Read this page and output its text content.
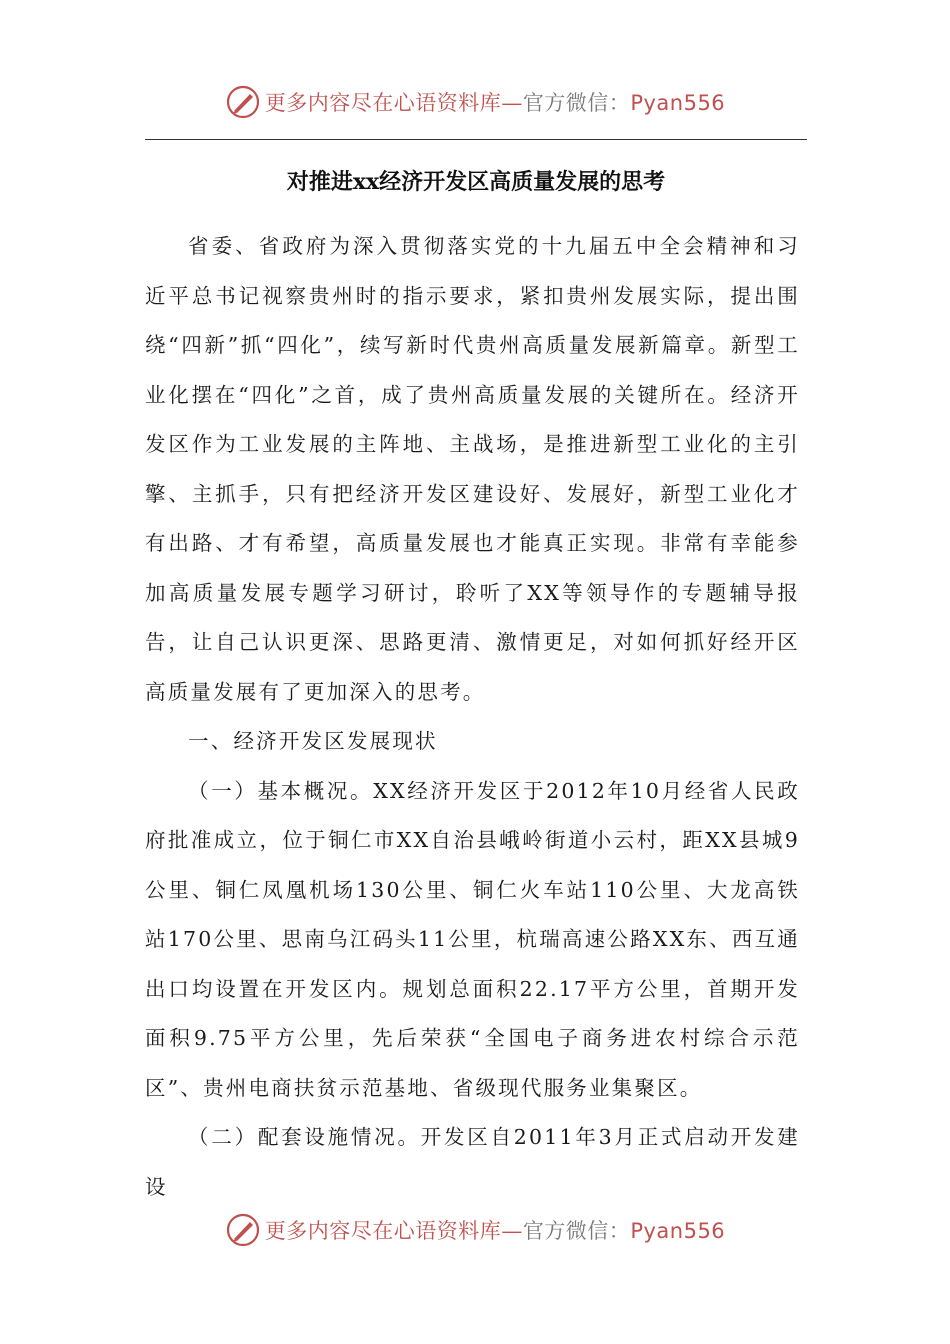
更多内容尽在心语资料库—官方微信：Pyan556
对推进xx经济开发区高质量发展的思考

省委、省政府为深入贯彻落实党的十九届五中全会精神和习近平总书记视察贵州时的指示要求，紧扣贵州发展实际，提出围绕“四新”抓“四化”，续写新时代贵州高质量发展新篇章。新型工业化摆在“四化”之首，成了贵州高质量发展的关键所在。经济开发区作为工业发展的主阵地、主战场，是推进新型工业化的主引擎、主抓手，只有把经济开发区建设好、发展好，新型工业化才有出路、才有希望，高质量发展也才能真正实现。非常有幸能参加高质量发展专题学习研讨，聆听了XX等领导作的专题辅导报告，让自己认识更深、思路更清、激情更足，对如何抓好经开区高质量发展有了更加深入的思考。

一、经济开发区发展现状

（一）基本概况。XX经济开发区于2012年10月经省人民政府批准成立，位于铜仁市XX自治县峨岭街道小云村，距XX县城9公里、铜仁凤凰机场130公里、铜仁火车站110公里、大龙高铁站170公里、思南乌江码头11公里，杭瑞高速公路XX东、西互通出口均设置在开发区内。规划总面积22.17平方公里，首期开发面积9.75平方公里，先后荣获“全国电子商务进农村综合示范区”、贵州电商扶贫示范基地、省级现代服务业集聚区。

（二）配套设施情况。开发区自2011年3月正式启动开发建设

更多内容尽在心语资料库—官方微信：Pyan556
